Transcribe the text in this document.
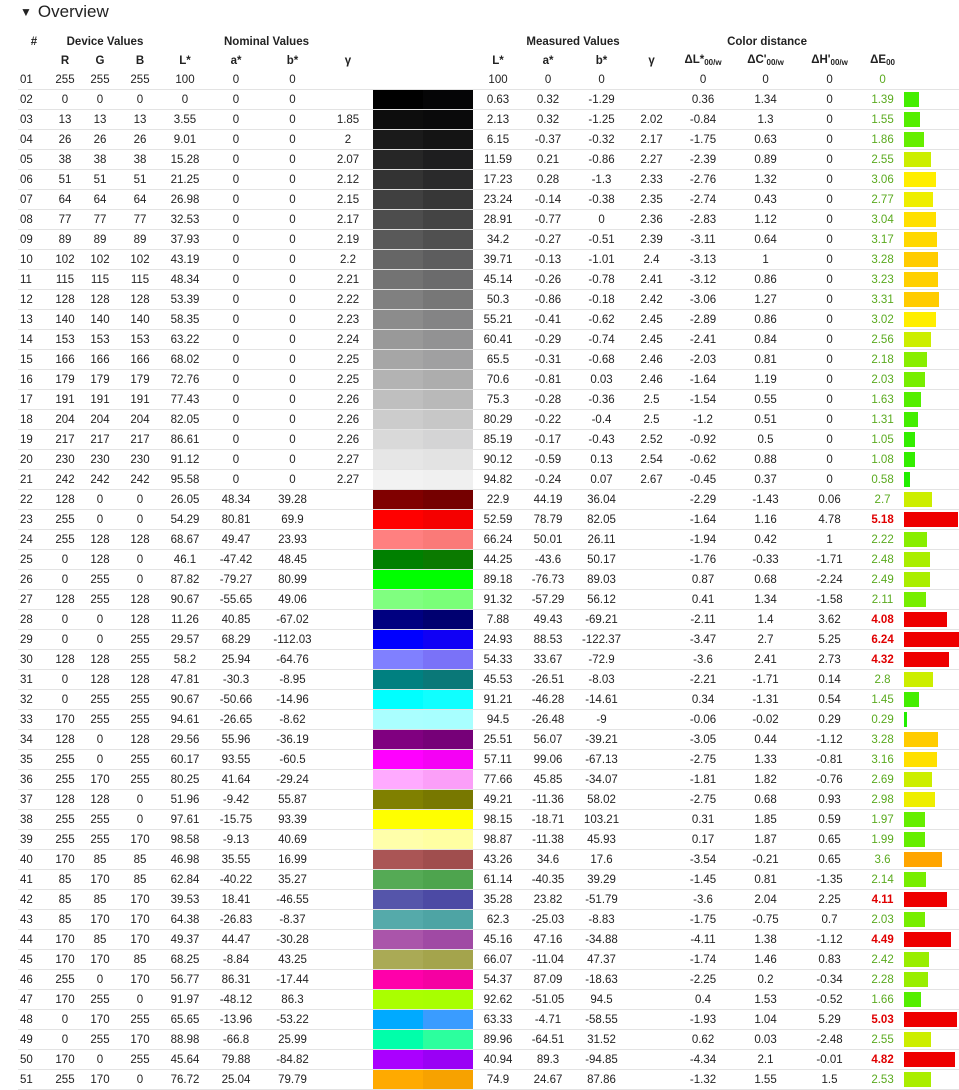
▼ Overview
#	Device Values			Nominal Values						Measured Values				Color distance				
	R	G	B	L*	a*	b*	γ			L*	a*	b*	γ	$\Delta L*_{00/w}$	$\Delta C'_{00/w}$	$\Delta H'_{00/w}$	$\Delta E_{00}$	
01	255	255	255	100	0	0				100	0	0		0	0	0	0	
02	0	0	0	0	0	0				0.63	0.32	-1.29		0.36	1.34	0	1.39	

03	13	13	13	3.55	0	0	1.85			2.13	0.32	-1.25	2.02	-0.84	1.3	0	1.55	

04	26	26	26	9.01	0	0	2			6.15	-0.37	-0.32	2.17	-1.75	0.63	0	1.86	

05	38	38	38	15.28	0	0	2.07			11.59	0.21	-0.86	2.27	-2.39	0.89	0	2.55	

06	51	51	51	21.25	0	0	2.12			17.23	0.28	-1.3	2.33	-2.76	1.32	0	3.06	

07	64	64	64	26.98	0	0	2.15			23.24	-0.14	-0.38	2.35	-2.74	0.43	0	2.77	

08	77	77	77	32.53	0	0	2.17			28.91	-0.77	0	2.36	-2.83	1.12	0	3.04	

09	89	89	89	37.93	0	0	2.19			34.2	-0.27	-0.51	2.39	-3.11	0.64	0	3.17	

10	102	102	102	43.19	0	0	2.2			39.71	-0.13	-1.01	2.4	-3.13	1	0	3.28	

11	115	115	115	48.34	0	0	2.21			45.14	-0.26	-0.78	2.41	-3.12	0.86	0	3.23	

12	128	128	128	53.39	0	0	2.22			50.3	-0.86	-0.18	2.42	-3.06	1.27	0	3.31	

13	140	140	140	58.35	0	0	2.23			55.21	-0.41	-0.62	2.45	-2.89	0.86	0	3.02	

14	153	153	153	63.22	0	0	2.24			60.41	-0.29	-0.74	2.45	-2.41	0.84	0	2.56	

15	166	166	166	68.02	0	0	2.25			65.5	-0.31	-0.68	2.46	-2.03	0.81	0	2.18	

16	179	179	179	72.76	0	0	2.25			70.6	-0.81	0.03	2.46	-1.64	1.19	0	2.03	

17	191	191	191	77.43	0	0	2.26			75.3	-0.28	-0.36	2.5	-1.54	0.55	0	1.63	

18	204	204	204	82.05	0	0	2.26			80.29	-0.22	-0.4	2.5	-1.2	0.51	0	1.31	

19	217	217	217	86.61	0	0	2.26			85.19	-0.17	-0.43	2.52	-0.92	0.5	0	1.05	

20	230	230	230	91.12	0	0	2.27			90.12	-0.59	0.13	2.54	-0.62	0.88	0	1.08	

21	242	242	242	95.58	0	0	2.27			94.82	-0.24	0.07	2.67	-0.45	0.37	0	0.58	

22	128	0	0	26.05	48.34	39.28				22.9	44.19	36.04		-2.29	-1.43	0.06	2.7	

23	255	0	0	54.29	80.81	69.9				52.59	78.79	82.05		-1.64	1.16	4.78	5.18	

24	255	128	128	68.67	49.47	23.93				66.24	50.01	26.11		-1.94	0.42	1	2.22	

25	0	128	0	46.1	-47.42	48.45				44.25	-43.6	50.17		-1.76	-0.33	-1.71	2.48	

26	0	255	0	87.82	-79.27	80.99				89.18	-76.73	89.03		0.87	0.68	-2.24	2.49	

27	128	255	128	90.67	-55.65	49.06				91.32	-57.29	56.12		0.41	1.34	-1.58	2.11	

28	0	0	128	11.26	40.85	-67.02				7.88	49.43	-69.21		-2.11	1.4	3.62	4.08	

29	0	0	255	29.57	68.29	-112.03				24.93	88.53	-122.37		-3.47	2.7	5.25	6.24	

30	128	128	255	58.2	25.94	-64.76				54.33	33.67	-72.9		-3.6	2.41	2.73	4.32	

31	0	128	128	47.81	-30.3	-8.95				45.53	-26.51	-8.03		-2.21	-1.71	0.14	2.8	

32	0	255	255	90.67	-50.66	-14.96				91.21	-46.28	-14.61		0.34	-1.31	0.54	1.45	

33	170	255	255	94.61	-26.65	-8.62				94.5	-26.48	-9		-0.06	-0.02	0.29	0.29	

34	128	0	128	29.56	55.96	-36.19				25.51	56.07	-39.21		-3.05	0.44	-1.12	3.28	

35	255	0	255	60.17	93.55	-60.5				57.11	99.06	-67.13		-2.75	1.33	-0.81	3.16	

36	255	170	255	80.25	41.64	-29.24				77.66	45.85	-34.07		-1.81	1.82	-0.76	2.69	

37	128	128	0	51.96	-9.42	55.87				49.21	-11.36	58.02		-2.75	0.68	0.93	2.98	

38	255	255	0	97.61	-15.75	93.39				98.15	-18.71	103.21		0.31	1.85	0.59	1.97	

39	255	255	170	98.58	-9.13	40.69				98.87	-11.38	45.93		0.17	1.87	0.65	1.99	

40	170	85	85	46.98	35.55	16.99				43.26	34.6	17.6		-3.54	-0.21	0.65	3.6	

41	85	170	85	62.84	-40.22	35.27				61.14	-40.35	39.29		-1.45	0.81	-1.35	2.14	

42	85	85	170	39.53	18.41	-46.55				35.28	23.82	-51.79		-3.6	2.04	2.25	4.11	

43	85	170	170	64.38	-26.83	-8.37				62.3	-25.03	-8.83		-1.75	-0.75	0.7	2.03	

44	170	85	170	49.37	44.47	-30.28				45.16	47.16	-34.88		-4.11	1.38	-1.12	4.49	

45	170	170	85	68.25	-8.84	43.25				66.07	-11.04	47.37		-1.74	1.46	0.83	2.42	

46	255	0	170	56.77	86.31	-17.44				54.37	87.09	-18.63		-2.25	0.2	-0.34	2.28	

47	170	255	0	91.97	-48.12	86.3				92.62	-51.05	94.5		0.4	1.53	-0.52	1.66	

48	0	170	255	65.65	-13.96	-53.22				63.33	-4.71	-58.55		-1.93	1.04	5.29	5.03	

49	0	255	170	88.98	-66.8	25.99				89.96	-64.51	31.52		0.62	0.03	-2.48	2.55	

50	170	0	255	45.64	79.88	-84.82				40.94	89.3	-94.85		-4.34	2.1	-0.01	4.82	

51	255	170	0	76.72	25.04	79.79				74.9	24.67	87.86		-1.32	1.55	1.5	2.53	
